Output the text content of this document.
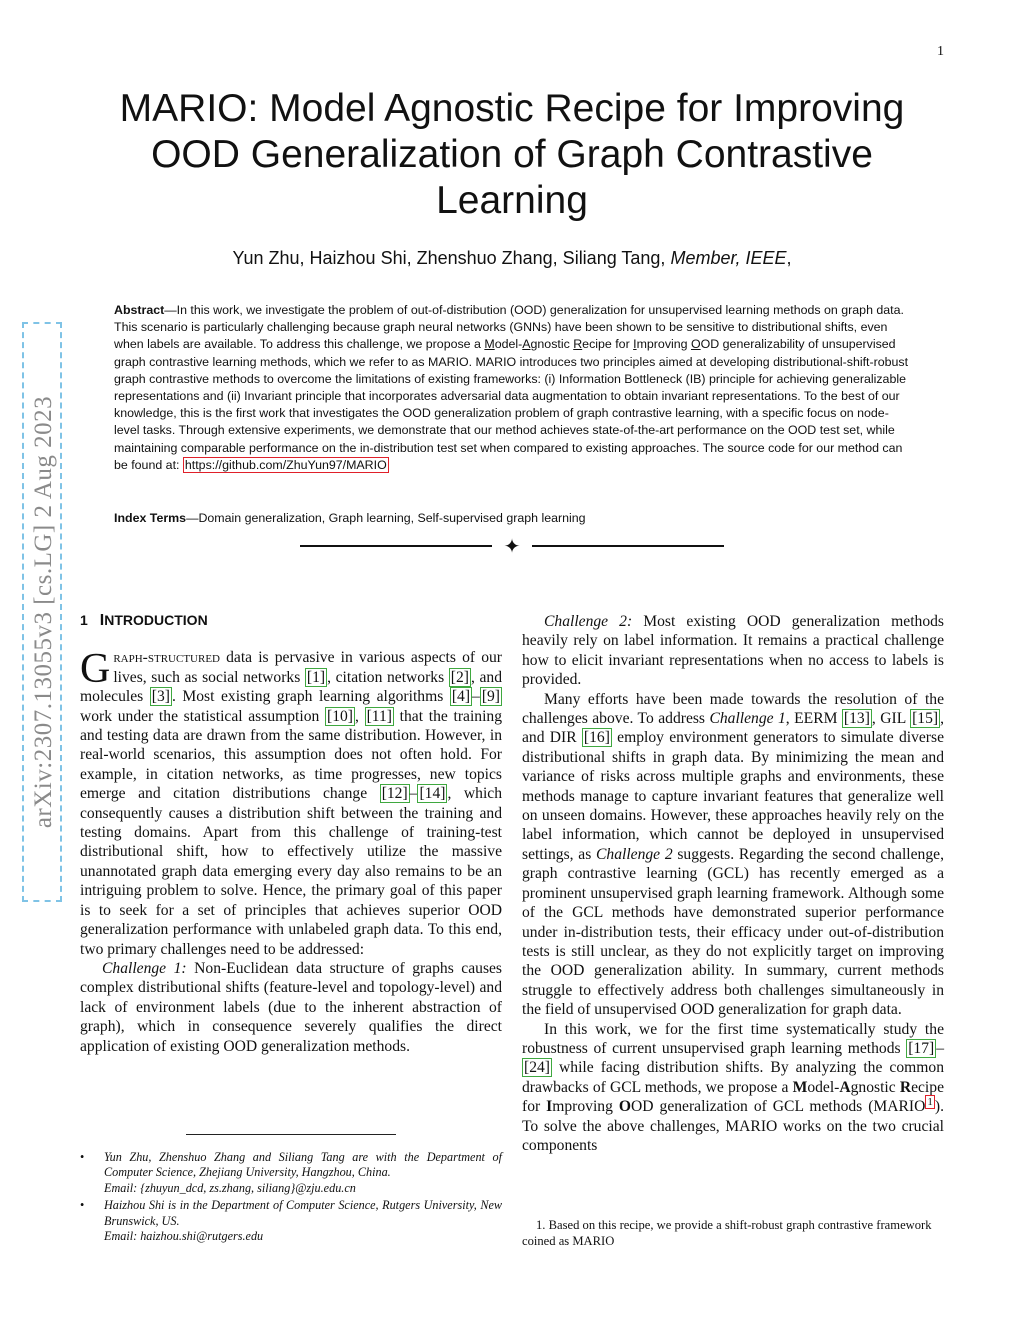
1
arXiv:2307.13055v3 [cs.LG] 2 Aug 2023
MARIO: Model Agnostic Recipe for Improving OOD Generalization of Graph Contrastive Learning

Yun Zhu, Haizhou Shi, Zhenshuo Zhang, Siliang Tang, Member, IEEE,

Abstract—In this work, we investigate the problem of out-of-distribution (OOD) generalization for unsupervised learning methods on graph data. This scenario is particularly challenging because graph neural networks (GNNs) have been shown to be sensitive to distributional shifts, even when labels are available. To address this challenge, we propose a Model-Agnostic Recipe for Improving OOD generalizability of unsupervised graph contrastive learning methods, which we refer to as MARIO. MARIO introduces two principles aimed at developing distributional-shift-robust graph contrastive methods to overcome the limitations of existing frameworks: (i) Information Bottleneck (IB) principle for achieving generalizable representations and (ii) Invariant principle that incorporates adversarial data augmentation to obtain invariant representations. To the best of our knowledge, this is the first work that investigates the OOD generalization problem of graph contrastive learning, with a specific focus on node-level tasks. Through extensive experiments, we demonstrate that our method achieves state-of-the-art performance on the OOD test set, while maintaining comparable performance on the in-distribution test set when compared to existing approaches. The source code for our method can be found at: https://github.com/ZhuYun97/MARIO

Index Terms—Domain generalization, Graph learning, Self-supervised graph learning

✦
1 INTRODUCTION

Graph-structured data is pervasive in various aspects of our lives, such as social networks [1] , citation networks [2] , and molecules [3] . Most existing graph learning algorithms [4] – [9] work under the statistical assumption [10] , [11] that the training and testing data are drawn from the same distribution. However, in real-world scenarios, this assumption does not often hold. For example, in citation networks, as time progresses, new topics emerge and citation distributions change [12] – [14] , which consequently causes a distribution shift between the training and testing domains. Apart from this challenge of training-test distributional shift, how to effectively utilize the massive unannotated graph data emerging every day also remains to be an intriguing problem to solve. Hence, the primary goal of this paper is to seek for a set of principles that achieves superior OOD generalization performance with unlabeled graph data. To this end, two primary challenges need to be addressed:

Challenge 1: Non-Euclidean data structure of graphs causes complex distributional shifts (feature-level and topology-level) and lack of environment labels (due to the inherent abstraction of graph), which in consequence severely qualifies the direct application of existing OOD generalization methods.

• Yun Zhu, Zhenshuo Zhang and Siliang Tang are with the Department of Computer Science, Zhejiang University, Hangzhou, China.
Email: {zhuyun_dcd, zs.zhang, siliang}@zju.edu.cn
• Haizhou Shi is in the Department of Computer Science, Rutgers University, New Brunswick, US.
Email: haizhou.shi@rutgers.edu

Challenge 2: Most existing OOD generalization methods heavily rely on label information. It remains a practical challenge how to elicit invariant representations when no access to labels is provided.

Many efforts have been made towards the resolution of the challenges above. To address Challenge 1, EERM [13] , GIL [15] , and DIR [16] employ environment generators to simulate diverse distributional shifts in graph data. By minimizing the mean and variance of risks across multiple graphs and environments, these methods manage to capture invariant features that generalize well on unseen domains. However, these approaches heavily rely on the label information, which cannot be deployed in unsupervised settings, as Challenge 2 suggests. Regarding the second challenge, graph contrastive learning (GCL) has recently emerged as a prominent unsupervised graph learning framework. Although some of the GCL methods have demonstrated superior performance under in-distribution tests, their efficacy under out-of-distribution tests is still unclear, as they do not explicitly target on improving the OOD generalization ability. In summary, current methods struggle to effectively address both challenges simultaneously in the field of unsupervised OOD generalization for graph data.

In this work, we for the first time systematically study the robustness of current unsupervised graph learning methods [17] –[24] while facing distribution shifts. By analyzing the common drawbacks of GCL methods, we propose a Model-Agnostic Recipe for Improving OOD generalization of GCL methods (MARIO $^1$ ). To solve the above challenges, MARIO works on the two crucial components

1. Based on this recipe, we provide a shift-robust graph contrastive framework coined as MARIO
